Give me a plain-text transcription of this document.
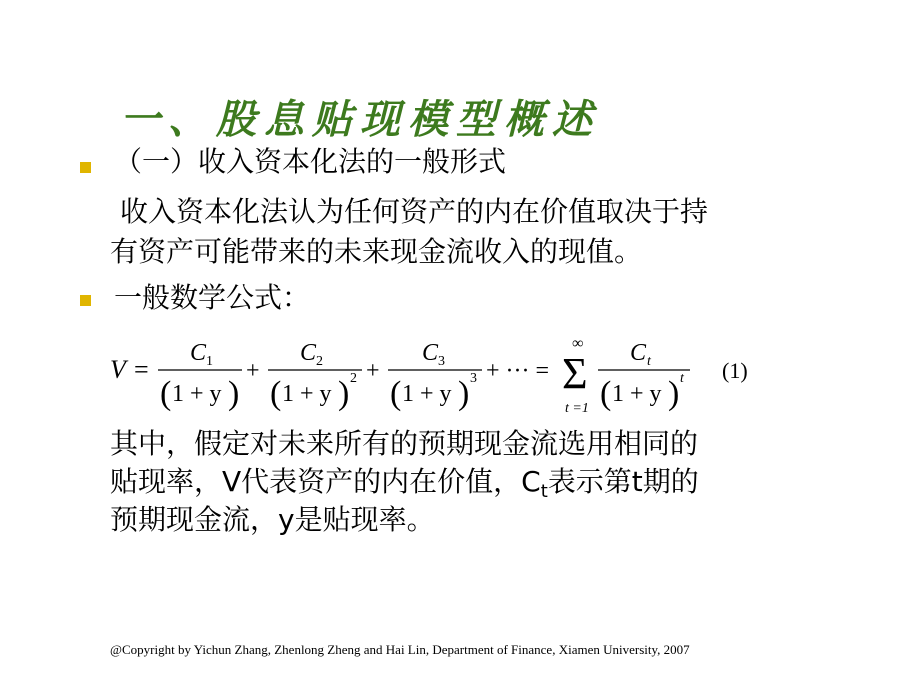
一、股息贴现模型概述
（一）收入资本化法的一般形式
收入资本化法认为任何资产的内在价值取决于持
有资产可能带来的未来现金流收入的现值。
一般数学公式：
V =
C 1
( 1 + y )
+
C 2
( 1 + y ) 2 +
C 3
( 1 + y ) 3 + ··· =
∞
Σ
t =1
C t
( 1 + y ) t (1)
其中，假定对未来所有的预期现金流选用相同的
贴现率，V代表资产的内在价值，$C_t$表示第t期的
预期现金流，y是贴现率。
@Copyright by Yichun Zhang, Zhenlong Zheng and Hai Lin, Department of Finance, Xiamen University, 2007
